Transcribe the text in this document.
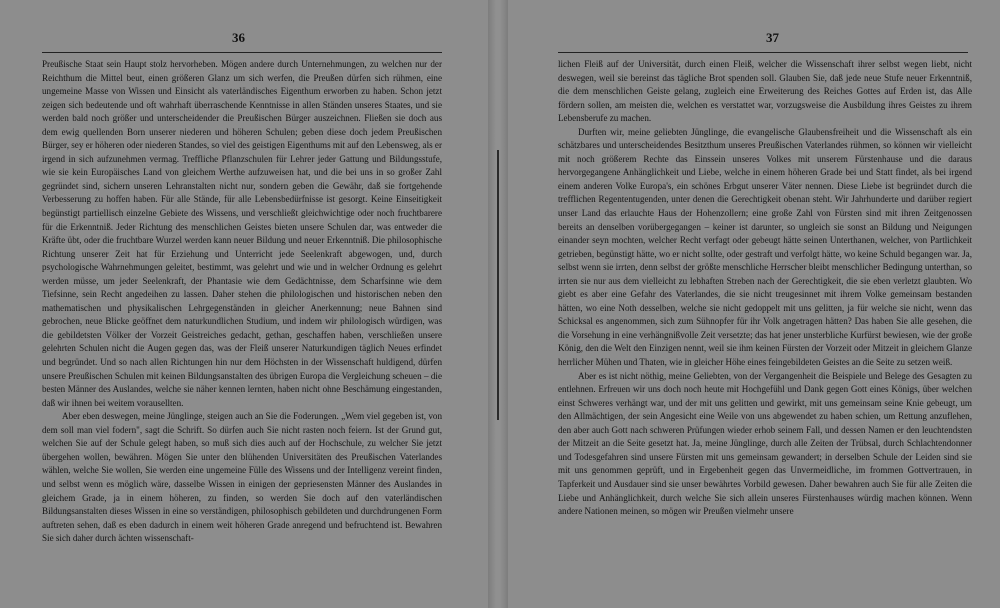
36

Preußische Staat sein Haupt stolz hervorheben. Mögen andere durch Unternehmungen, zu welchen nur der Reichthum die Mittel beut, einen größeren Glanz um sich werfen, die Preußen dürfen sich rühmen, eine ungemeine Masse von Wissen und Einsicht als vaterländisches Eigenthum erworben zu haben. Schon jetzt zeigen sich bedeutende und oft wahrhaft überraschende Kenntnisse in allen Ständen unseres Staates, und sie werden bald noch größer und unterscheidender die Preußischen Bürger auszeichnen. Fließen sie doch aus dem ewig quellenden Born unserer niederen und höheren Schulen; geben diese doch jedem Preußischen Bürger, sey er höheren oder niederen Standes, so viel des geistigen Eigenthums mit auf den Lebensweg, als er irgend in sich aufzunehmen vermag. Treffliche Pflanzschulen für Lehrer jeder Gattung und Bildungsstufe, wie sie kein Europäisches Land von gleichem Werthe aufzuweisen hat, und die bei uns in so großer Zahl gegründet sind, sichern unseren Lehranstalten nicht nur, sondern geben die Gewähr, daß sie fortgehende Verbesserung zu hoffen haben. Für alle Stände, für alle Lebensbedürfnisse ist gesorgt. Keine Einseitigkeit begünstigt partiellisch einzelne Gebiete des Wissens, und verschließt gleichwichtige oder noch fruchtbarere für die Erkenntniß. Jeder Richtung des menschlichen Geistes bieten unsere Schulen dar, was entweder die Kräfte übt, oder die fruchtbare Wurzel werden kann neuer Bildung und neuer Erkenntniß. Die philosophische Richtung unserer Zeit hat für Erziehung und Unterricht jede Seelenkraft abgewogen, und, durch psychologische Wahrnehmungen geleitet, bestimmt, was gelehrt und wie und in welcher Ordnung es gelehrt werden müsse, um jeder Seelenkraft, der Phantasie wie dem Gedächtnisse, dem Scharfsinne wie dem Tiefsinne, sein Recht angedeihen zu lassen. Daher stehen die philologischen und historischen neben den mathematischen und physikalischen Lehrgegenständen in gleicher Anerkennung; neue Bahnen sind gebrochen, neue Blicke geöffnet dem naturkundlichen Studium, und indem wir philologisch würdigen, was die gebildetsten Völker der Vorzeit Geistreiches gedacht, gethan, geschaffen haben, verschließen unsere gelehrten Schulen nicht die Augen gegen das, was der Fleiß unserer Naturkundigen täglich Neues erfindet und begründet. Und so nach allen Richtungen hin nur dem Höchsten in der Wissenschaft huldigend, dürfen unsere Preußischen Schulen mit keinen Bildungsanstalten des übrigen Europa die Vergleichung scheuen – die besten Männer des Auslandes, welche sie näher kennen lernten, haben nicht ohne Beschämung eingestanden, daß wir ihnen bei weitem vorausellten.

Aber eben deswegen, meine Jünglinge, steigen auch an Sie die Foderungen. „Wem viel gegeben ist, von dem soll man viel fodern", sagt die Schrift. So dürfen auch Sie nicht rasten noch feiern. Ist der Grund gut, welchen Sie auf der Schule gelegt haben, so muß sich dies auch auf der Hochschule, zu welcher Sie jetzt übergehen wollen, bewähren. Mögen Sie unter den blühenden Universitäten des Preußischen Vaterlandes wählen, welche Sie wollen, Sie werden eine ungemeine Fülle des Wissens und der Intelligenz vereint finden, und selbst wenn es möglich wäre, dasselbe Wissen in einigen der gepriesensten Männer des Auslandes in gleichem Grade, ja in einem höheren, zu finden, so werden Sie doch auf den vaterländischen Bildungsanstalten dieses Wissen in eine so verständigen, philosophisch gebildeten und durchdrungenen Form auftreten sehen, daß es eben dadurch in einem weit höheren Grade anregend und befruchtend ist. Bewahren Sie sich daher durch ächten wissenschaft-

37

lichen Fleiß auf der Universität, durch einen Fleiß, welcher die Wissenschaft ihrer selbst wegen liebt, nicht deswegen, weil sie bereinst das tägliche Brot spenden soll. Glauben Sie, daß jede neue Stufe neuer Erkenntniß, die dem menschlichen Geiste gelang, zugleich eine Erweiterung des Reiches Gottes auf Erden ist, das Alle fördern sollen, am meisten die, welchen es verstattet war, vorzugsweise die Ausbildung ihres Geistes zu ihrem Lebensberufe zu machen.

Durften wir, meine geliebten Jünglinge, die evangelische Glaubensfreiheit und die Wissenschaft als ein schätzbares und unterscheidendes Besitzthum unseres Preußischen Vaterlandes rühmen, so können wir vielleicht mit noch größerem Rechte das Einssein unseres Volkes mit unserem Fürstenhause und die daraus hervorgegangene Anhänglichkeit und Liebe, welche in einem höheren Grade bei und Statt findet, als bei irgend einem anderen Volke Europa's, ein schönes Erbgut unserer Väter nennen. Diese Liebe ist begründet durch die trefflichen Regententugenden, unter denen die Gerechtigkeit obenan steht. Wir Jahrhunderte und darüber regiert unser Land das erlauchte Haus der Hohenzollern; eine große Zahl von Fürsten sind mit ihren Zeitgenossen bereits an denselben vorübergegangen – keiner ist darunter, so ungleich sie sonst an Bildung und Neigungen einander seyn mochten, welcher Recht verfagt oder gebeugt hätte seinen Unterthanen, welcher, von Partlichkeit getrieben, begünstigt hätte, wo er nicht sollte, oder gestraft und verfolgt hätte, wo keine Schuld begangen war. Ja, selbst wenn sie irrten, denn selbst der größte menschliche Herrscher bleibt menschlicher Bedingung unterthan, so irrten sie nur aus dem vielleicht zu lebhaften Streben nach der Gerechtigkeit, die sie eben verletzt glaubten. Wo giebt es aber eine Gefahr des Vaterlandes, die sie nicht treugesinnet mit ihrem Volke gemeinsam bestanden hätten, wo eine Noth desselben, welche sie nicht gedoppelt mit uns gelitten, ja für welche sie nicht, wenn das Schicksal es angenommen, sich zum Sühnopfer für ihr Volk angetragen hätten? Das haben Sie alle gesehen, die die Vorsehung in eine verhängnißvolle Zeit versetzte; das hat jener unsterbliche Kurfürst bewiesen, wie der große König, den die Welt den Einzigen nennt, weil sie ihm keinen Fürsten der Vorzeit oder Mitzeit in gleichem Glanze herrlicher Mühen und Thaten, wie in gleicher Höhe eines feingebildeten Geistes an die Seite zu setzen weiß.

Aber es ist nicht nöthig, meine Geliebten, von der Vergangenheit die Beispiele und Belege des Gesagten zu entlehnen. Erfreuen wir uns doch noch heute mit Hochgefühl und Dank gegen Gott eines Königs, über welchen einst Schweres verhängt war, und der mit uns gelitten und gewirkt, mit uns gemeinsam seine Knie gebeugt, um den Allmächtigen, der sein Angesicht eine Weile von uns abgewendet zu haben schien, um Rettung anzuflehen, den aber auch Gott nach schweren Prüfungen wieder erhob seinem Fall, und dessen Namen er den leuchtendsten der Mitzeit an die Seite gesetzt hat. Ja, meine Jünglinge, durch alle Zeiten der Trübsal, durch Schlachtendonner und Todesgefahren sind unsere Fürsten mit uns gemeinsam gewandert; in derselben Schule der Leiden sind sie mit uns genommen geprüft, und in Ergebenheit gegen das Unvermeidliche, im frommen Gottvertrauen, in Tapferkeit und Ausdauer sind sie unser bewährtes Vorbild gewesen. Daher bewahren auch Sie für alle Zeiten die Liebe und Anhänglichkeit, durch welche Sie sich allein unseres Fürstenhauses würdig machen können. Wenn andere Nationen meinen, so mögen wir Preußen vielmehr unsere
